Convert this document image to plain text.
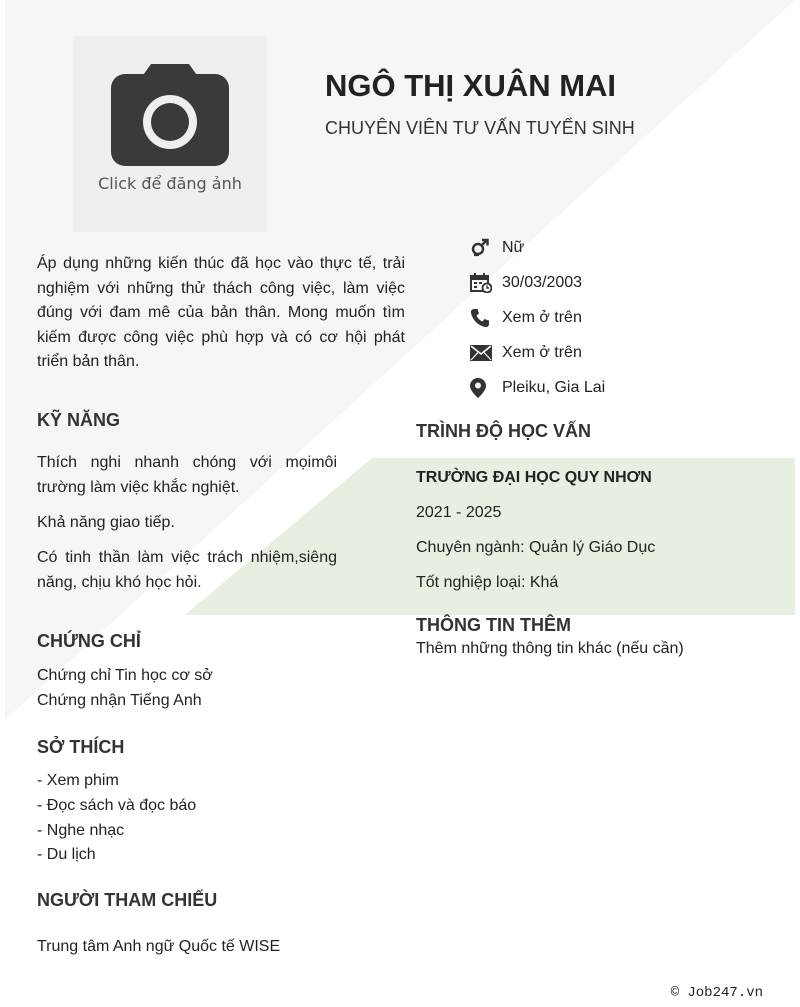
Click để đăng ảnh
NGÔ THỊ XUÂN MAI
CHUYÊN VIÊN TƯ VẤN TUYỂN SINH

Áp dụng những kiến thúc đã học vào thực tế, trải nghiệm với những thử thách công việc, làm việc đúng với đam mê của bản thân. Mong muốn tìm kiếm được công việc phù hợp và có cơ hội phát triển bản thân.

Nữ
30/03/2003
Xem ở trên
Xem ở trên
Pleiku, Gia Lai
KỸ NĂNG

Thích nghi nhanh chóng với mọimôi trường làm việc khắc nghiệt.

Khả năng giao tiếp.

Có tinh thần làm việc trách nhiệm,siêng năng, chịu khó học hỏi.

CHỨNG CHỈ
Chứng chỉ Tin học cơ sở
Chứng nhận Tiếng Anh
SỞ THÍCH
- Xem phim
- Đọc sách và đọc báo
- Nghe nhạc
- Du lịch
NGƯỜI THAM CHIẾU
Trung tâm Anh ngữ Quốc tế WISE
TRÌNH ĐỘ HỌC VẤN
TRƯỜNG ĐẠI HỌC QUY NHƠN
2021 - 2025
Chuyên ngành: Quản lý Giáo Dục
Tốt nghiệp loại: Khá
THÔNG TIN THÊM
Thêm những thông tin khác (nếu cần)
© Job247.vn
